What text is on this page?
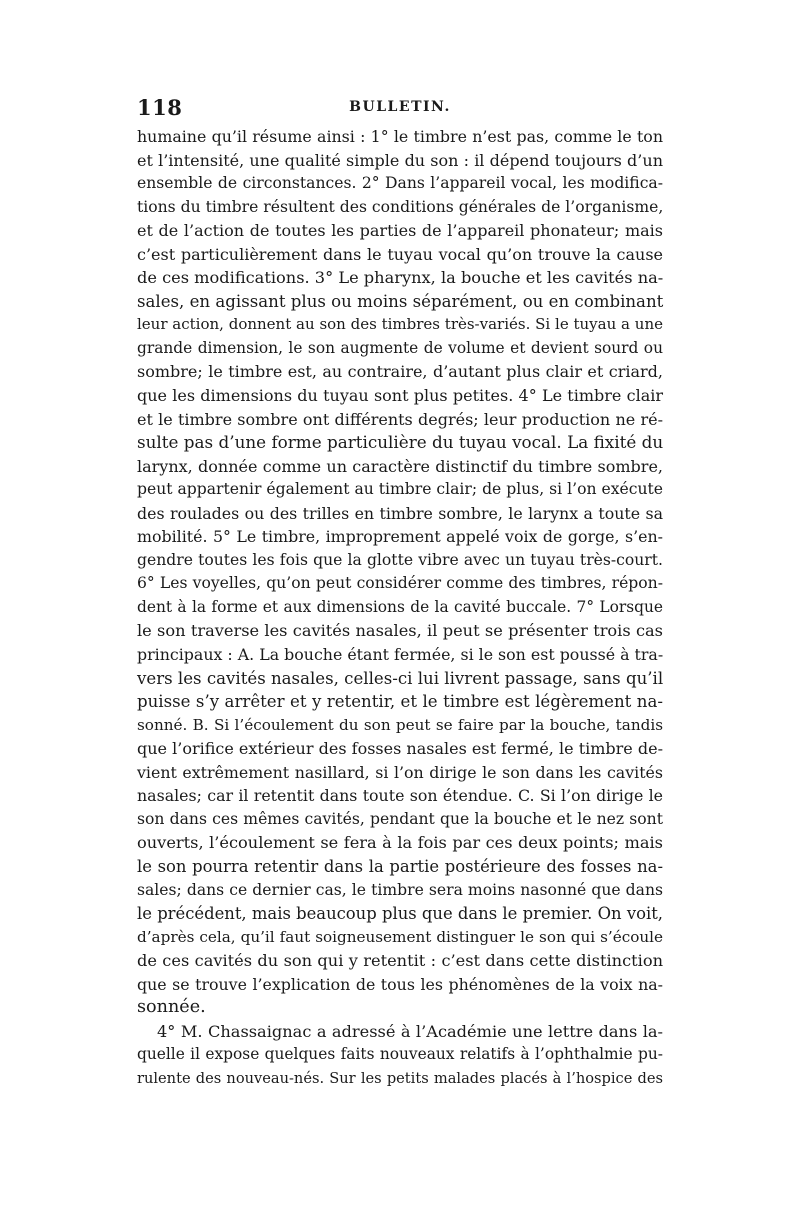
118	BULLETIN.
humaine qu’il résume ainsi : 1° le timbre n’est pas, comme le ton
et l’intensité, une qualité simple du son : il dépend toujours d’un
ensemble de circonstances. 2° Dans l’appareil vocal, les modifica-
tions du timbre résultent des conditions générales de l’organisme,
et de l’action de toutes les parties de l’appareil phonateur; mais
c’est particulièrement dans le tuyau vocal qu’on trouve la cause
de ces modifications. 3° Le pharynx, la bouche et les cavités na-
sales, en agissant plus ou moins séparément, ou en combinant
leur action, donnent au son des timbres très-variés. Si le tuyau a une
grande dimension, le son augmente de volume et devient sourd ou
sombre; le timbre est, au contraire, d’autant plus clair et criard,
que les dimensions du tuyau sont plus petites. 4° Le timbre clair
et le timbre sombre ont différents degrés; leur production ne ré-
sulte pas d’une forme particulière du tuyau vocal. La fixité du
larynx, donnée comme un caractère distinctif du timbre sombre,
peut appartenir également au timbre clair; de plus, si l’on exécute
des roulades ou des trilles en timbre sombre, le larynx a toute sa
mobilité. 5° Le timbre, improprement appelé voix de gorge, s’en-
gendre toutes les fois que la glotte vibre avec un tuyau très-court.
6° Les voyelles, qu’on peut considérer comme des timbres, répon-
dent à la forme et aux dimensions de la cavité buccale. 7° Lorsque
le son traverse les cavités nasales, il peut se présenter trois cas
principaux : A. La bouche étant fermée, si le son est poussé à tra-
vers les cavités nasales, celles-ci lui livrent passage, sans qu’il
puisse s’y arrêter et y retentir, et le timbre est légèrement na-
sonné. B. Si l’écoulement du son peut se faire par la bouche, tandis
que l’orifice extérieur des fosses nasales est fermé, le timbre de-
vient extrêmement nasillard, si l’on dirige le son dans les cavités
nasales; car il retentit dans toute son étendue. C. Si l’on dirige le
son dans ces mêmes cavités, pendant que la bouche et le nez sont
ouverts, l’écoulement se fera à la fois par ces deux points; mais
le son pourra retentir dans la partie postérieure des fosses na-
sales; dans ce dernier cas, le timbre sera moins nasonné que dans
le précédent, mais beaucoup plus que dans le premier. On voit,
d’après cela, qu’il faut soigneusement distinguer le son qui s’écoule
de ces cavités du son qui y retentit : c’est dans cette distinction
que se trouve l’explication de tous les phénomènes de la voix na-
sonnée.
4° M. Chassaignac a adressé à l’Académie une lettre dans la-
quelle il expose quelques faits nouveaux relatifs à l’ophthalmie pu-
rulente des nouveau-nés. Sur les petits malades placés à l’hospice des
